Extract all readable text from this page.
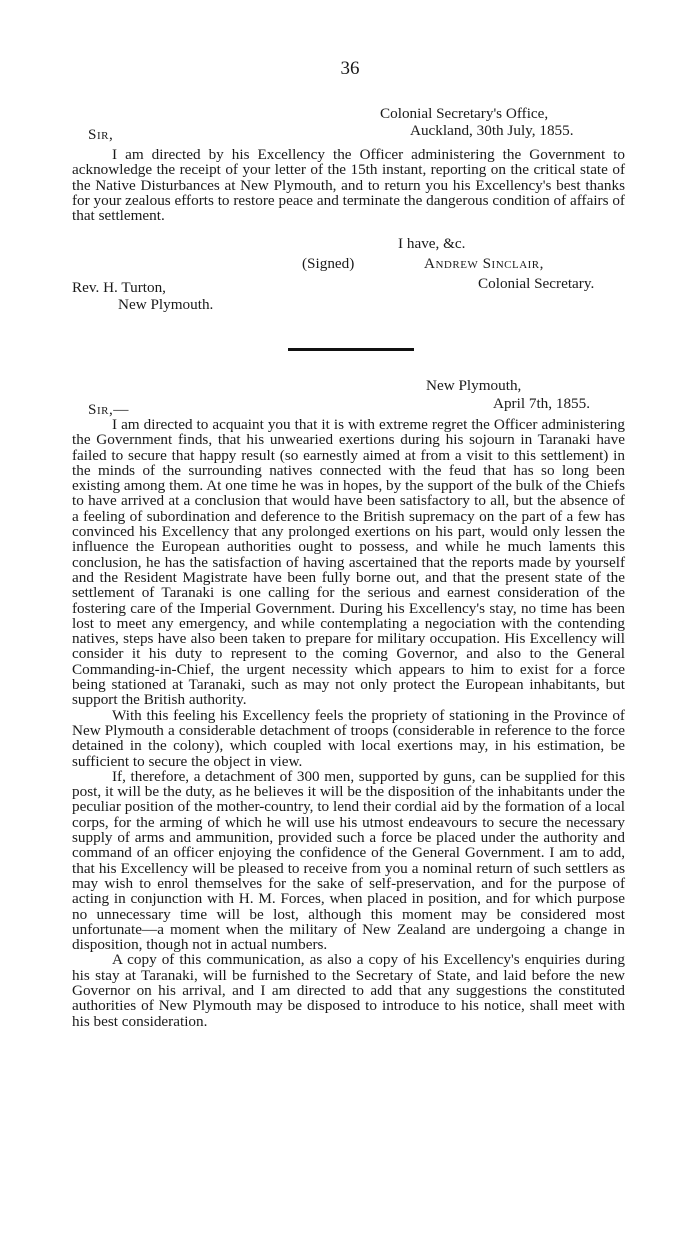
36
Colonial Secretary's Office,
Auckland, 30th July, 1855.
Sir,

I am directed by his Excellency the Officer administering the Government to acknowledge the receipt of your letter of the 15th instant, reporting on the critical state of the Native Disturbances at New Plymouth, and to return you his Excellency's best thanks for your zealous efforts to restore peace and terminate the dangerous condition of affairs of that settlement.

I have, &c.
(Signed)	Andrew Sinclair,
Colonial Secretary.
Rev. H. Turton,
New Plymouth.
New Plymouth,
April 7th, 1855.
Sir,—

I am directed to acquaint you that it is with extreme regret the Officer administering the Government finds, that his unwearied exertions during his sojourn in Taranaki have failed to secure that happy result (so earnestly aimed at from a visit to this settlement) in the minds of the surrounding natives connected with the feud that has so long been existing among them. At one time he was in hopes, by the support of the bulk of the Chiefs to have arrived at a conclusion that would have been satisfactory to all, but the absence of a feeling of subordination and deference to the British supremacy on the part of a few has convinced his Excellency that any prolonged exertions on his part, would only lessen the influence the European authorities ought to possess, and while he much laments this conclusion, he has the satisfaction of having ascertained that the reports made by yourself and the Resident Magistrate have been fully borne out, and that the present state of the settlement of Taranaki is one calling for the serious and earnest consideration of the fostering care of the Imperial Government. During his Excellency's stay, no time has been lost to meet any emergency, and while contemplating a negociation with the contending natives, steps have also been taken to prepare for military occupation. His Excellency will consider it his duty to represent to the coming Governor, and also to the General Commanding-in-Chief, the urgent necessity which appears to him to exist for a force being stationed at Taranaki, such as may not only protect the European inhabitants, but support the British authority.

With this feeling his Excellency feels the propriety of stationing in the Province of New Plymouth a considerable detachment of troops (considerable in reference to the force detained in the colony), which coupled with local exertions may, in his estimation, be sufficient to secure the object in view.

If, therefore, a detachment of 300 men, supported by guns, can be supplied for this post, it will be the duty, as he believes it will be the disposition of the inhabitants under the peculiar position of the mother-country, to lend their cordial aid by the formation of a local corps, for the arming of which he will use his utmost endeavours to secure the necessary supply of arms and ammunition, provided such a force be placed under the authority and command of an officer enjoying the confidence of the General Government. I am to add, that his Excellency will be pleased to receive from you a nominal return of such settlers as may wish to enrol themselves for the sake of self-preservation, and for the purpose of acting in conjunction with H. M. Forces, when placed in position, and for which purpose no unnecessary time will be lost, although this moment may be considered most unfortunate—a moment when the military of New Zealand are undergoing a change in disposition, though not in actual numbers.

A copy of this communication, as also a copy of his Excellency's enquiries during his stay at Taranaki, will be furnished to the Secretary of State, and laid before the new Governor on his arrival, and I am directed to add that any suggestions the constituted authorities of New Plymouth may be disposed to introduce to his notice, shall meet with his best consideration.
